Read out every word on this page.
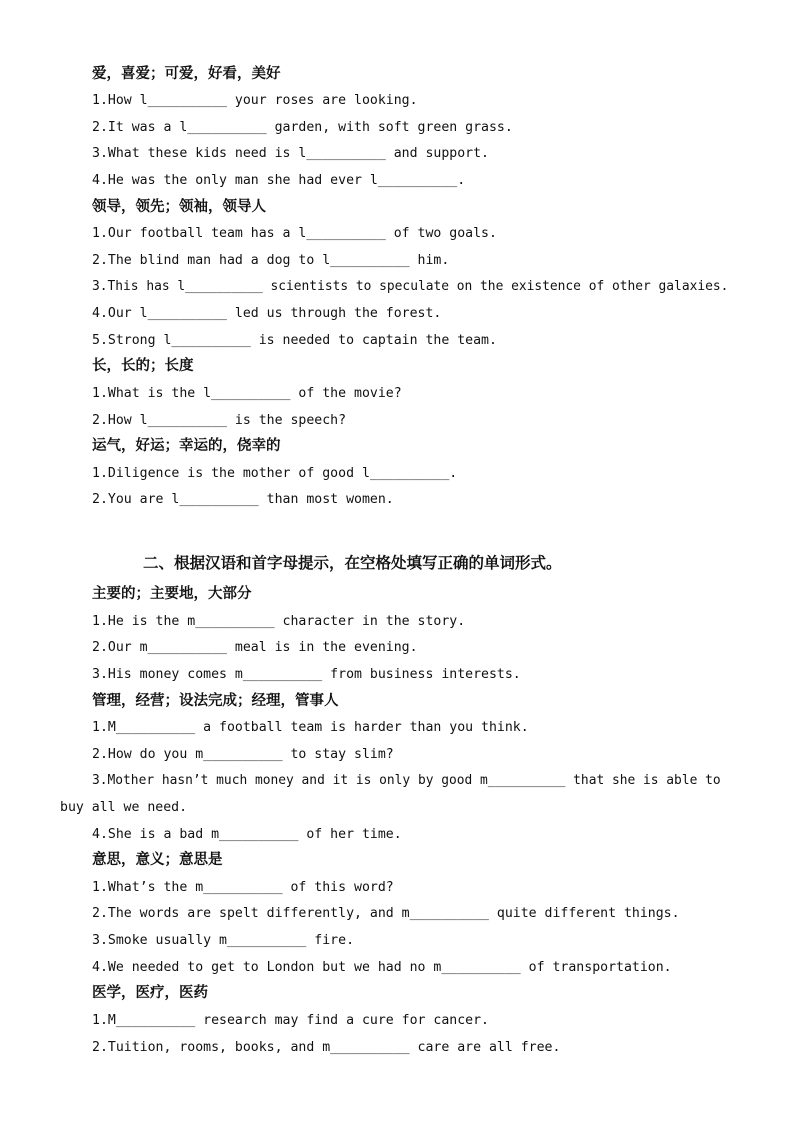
爱，喜爱；可爱，好看，美好
1.How l__________ your roses are looking.
2.It was a l__________ garden, with soft green grass.
3.What these kids need is l__________ and support.
4.He was the only man she had ever l__________.
领导，领先；领袖，领导人
1.Our football team has a l__________ of two goals.
2.The blind man had a dog to l__________ him.
3.This has l__________ scientists to speculate on the existence of other galaxies.
4.Our l__________ led us through the forest.
5.Strong l__________ is needed to captain the team.
长，长的；长度
1.What is the l__________ of the movie?
2.How l__________ is the speech?
运气，好运；幸运的，侥幸的
1.Diligence is the mother of good l__________.
2.You are l__________ than most women.
二、根据汉语和首字母提示，在空格处填写正确的单词形式。
主要的；主要地，大部分
1.He is the m__________ character in the story.
2.Our m__________ meal is in the evening.
3.His money comes m__________ from business interests.
管理，经营；设法完成；经理，管事人
1.M__________ a football team is harder than you think.
2.How do you m__________ to stay slim?
3.Mother hasn’t much money and it is only by good m__________ that she is able to
buy all we need.
4.She is a bad m__________ of her time.
意思，意义；意思是
1.What’s the m__________ of this word?
2.The words are spelt differently, and m__________ quite different things.
3.Smoke usually m__________ fire.
4.We needed to get to London but we had no m__________ of transportation.
医学，医疗，医药
1.M__________ research may find a cure for cancer.
2.Tuition, rooms, books, and m__________ care are all free.
